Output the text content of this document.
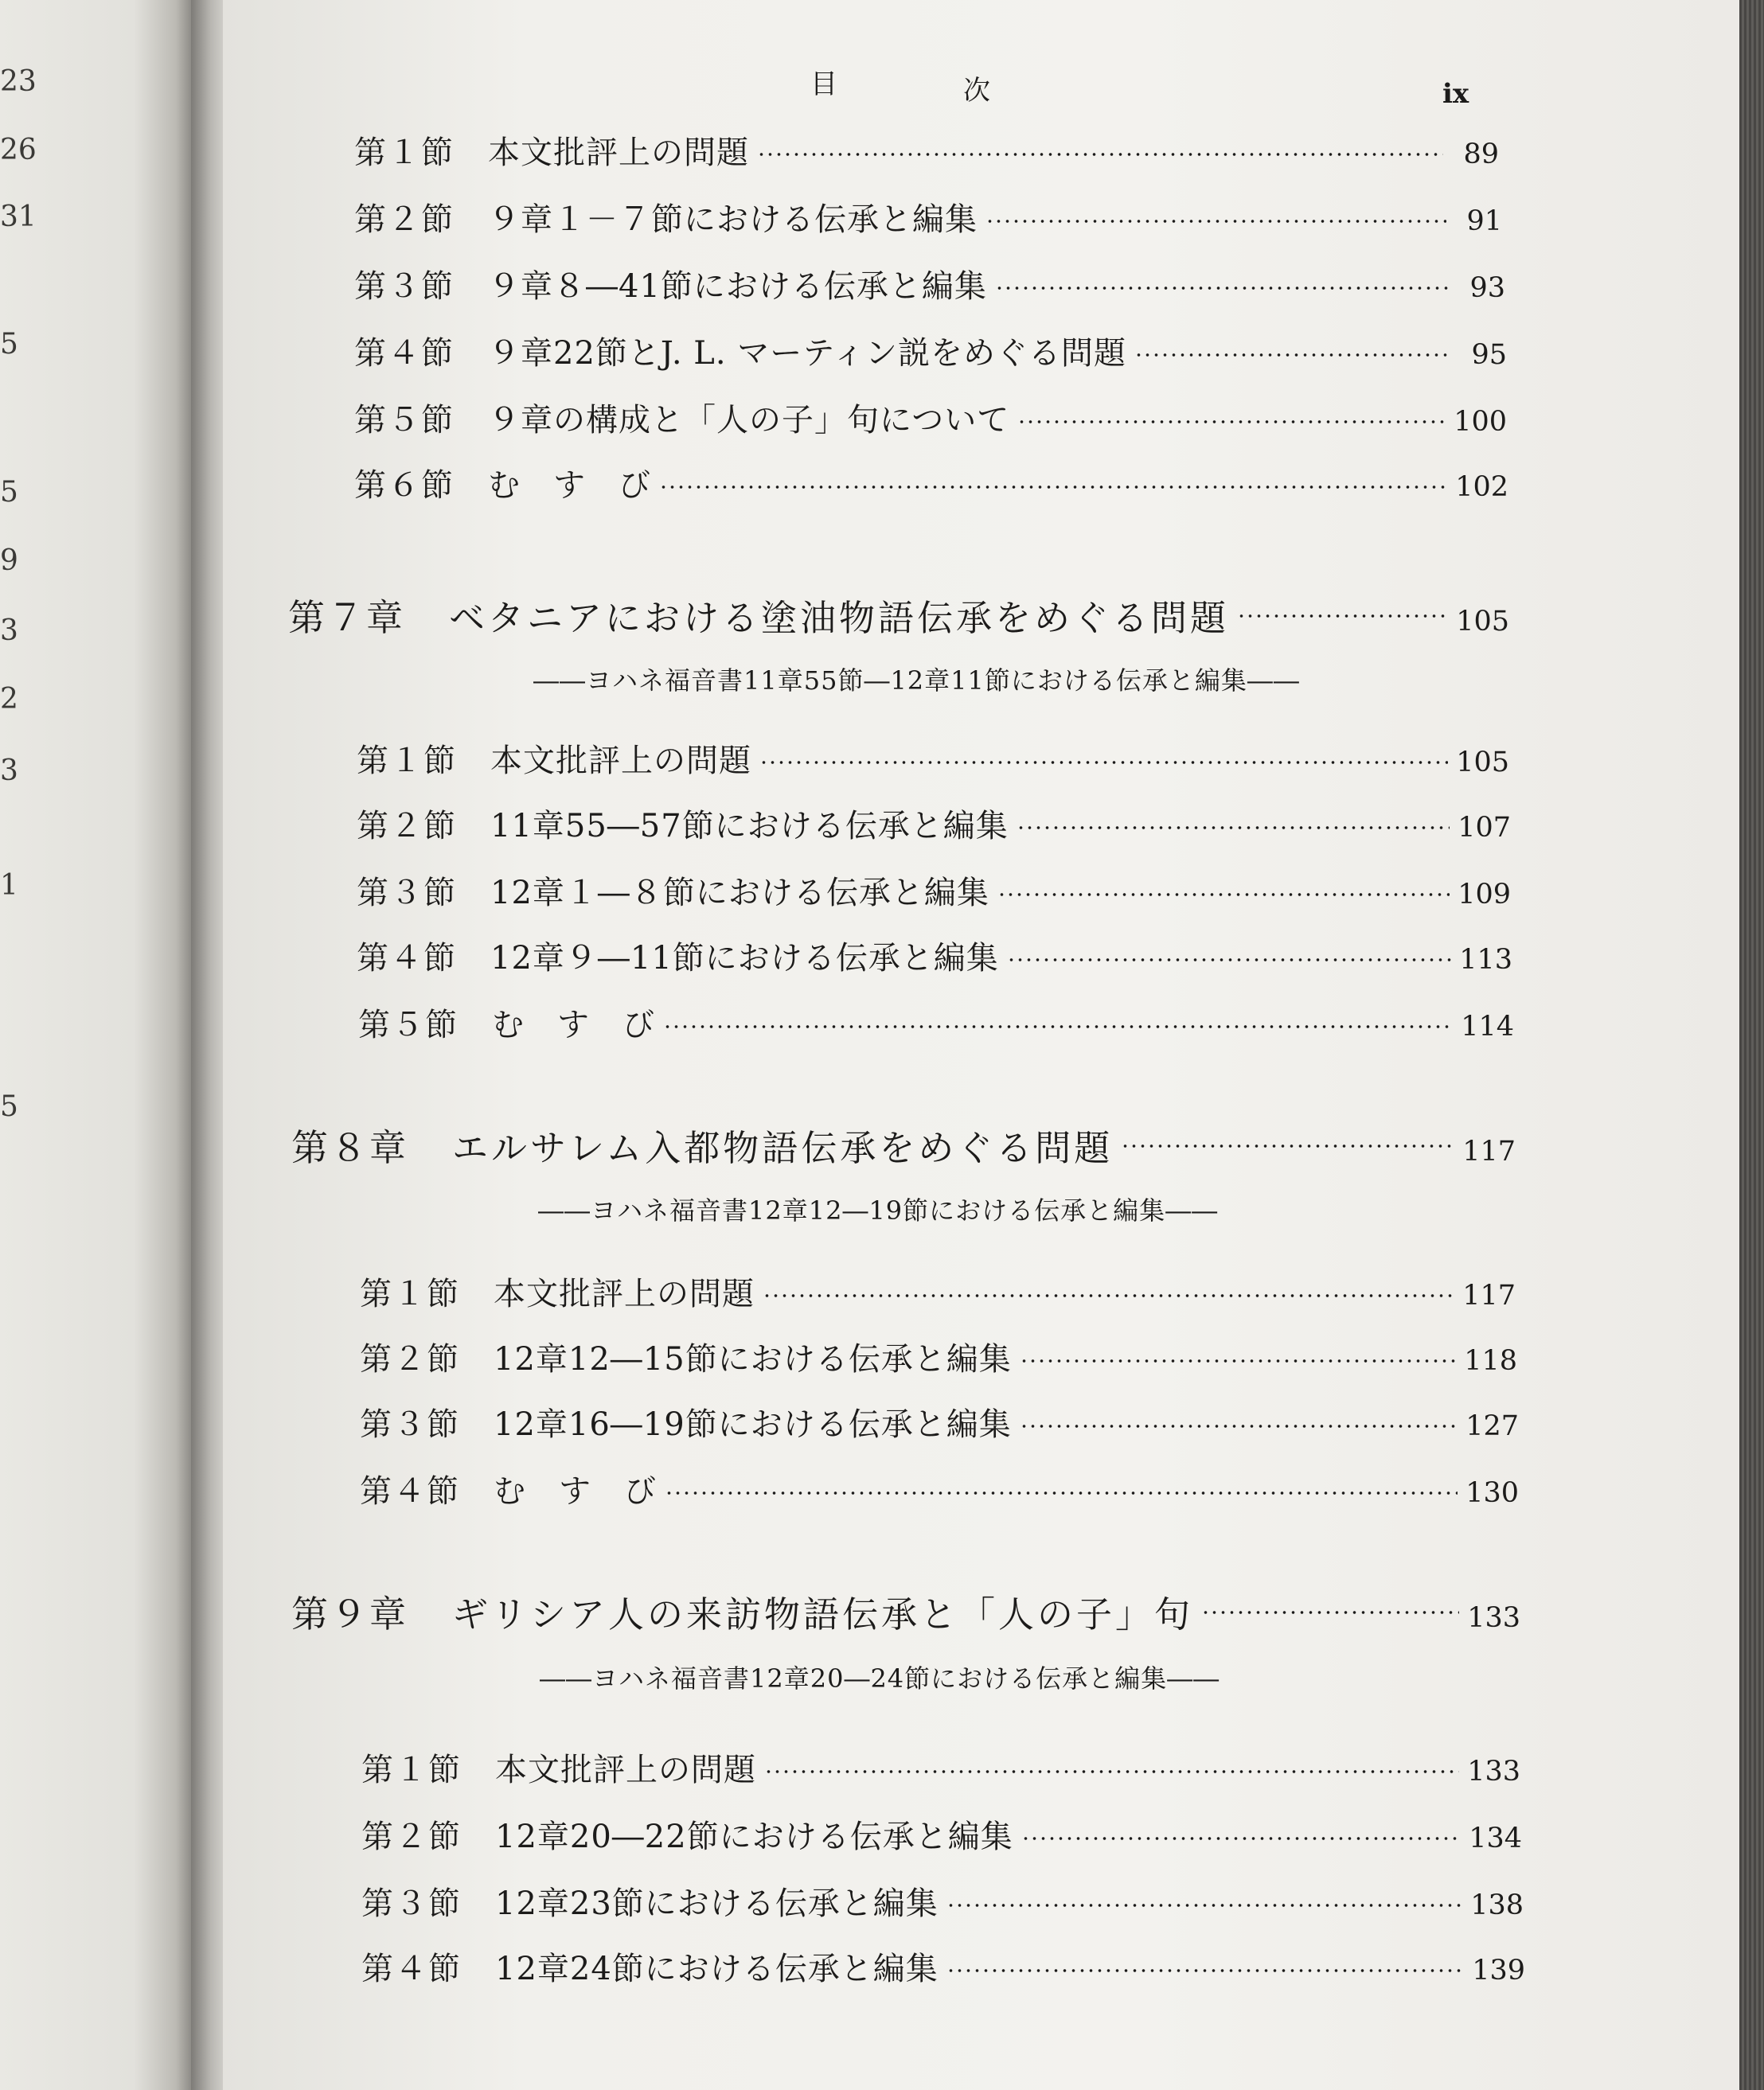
23
26
31
5
5
9
3
2
3
1
5
目	次	ix
第１節	本文批評上の問題	89
第２節	９章１－７節における伝承と編集	91
第３節	９章８―41節における伝承と編集	93
第４節	９章22節とJ. L. マーティン説をめぐる問題	95
第５節	９章の構成と「人の子」句について	100
第６節	む　す　び	102
第７章	ベタニアにおける塗油物語伝承をめぐる問題	105
――ヨハネ福音書11章55節―12章11節における伝承と編集――
第１節	本文批評上の問題	105
第２節	11章55―57節における伝承と編集	107
第３節	12章１―８節における伝承と編集	109
第４節	12章９―11節における伝承と編集	113
第５節	む　す　び	114
第８章	エルサレム入都物語伝承をめぐる問題	117
――ヨハネ福音書12章12―19節における伝承と編集――
第１節	本文批評上の問題	117
第２節	12章12―15節における伝承と編集	118
第３節	12章16―19節における伝承と編集	127
第４節	む　す　び	130
第９章	ギリシア人の来訪物語伝承と「人の子」句	133
――ヨハネ福音書12章20―24節における伝承と編集――
第１節	本文批評上の問題	133
第２節	12章20―22節における伝承と編集	134
第３節	12章23節における伝承と編集	138
第４節	12章24節における伝承と編集	139
